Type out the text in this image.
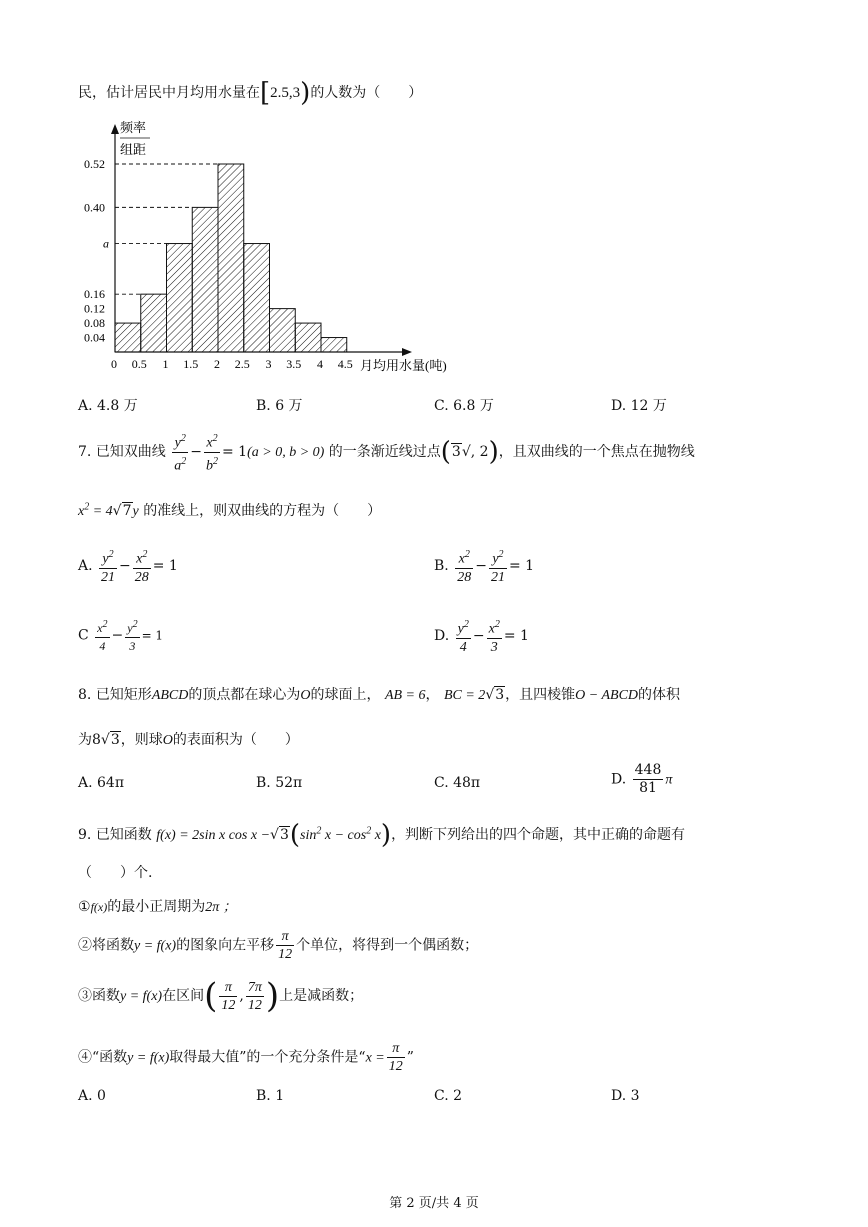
民，估计居民中月均用水量在[2.5,3)的人数为（　　）
频率
组距
0.04
0.08
0.12
0.16
a
0.40
0.52
0 0.5 1 1.5 2 2.5 3 3.5 4 4.5 月均用水量(吨)
A. 4.8 万	B. 6 万	C. 6.8 万	D. 12 万
7. 已知双曲线 $\frac{y^2}{a^2} - \frac{x^2}{b^2} = 1(a > 0$, b > 0) 的一条渐近线过点(3√, 2)，且双曲线的一个焦点在抛物线
$x^2 = 4√7y$ 的准线上，则双曲线的方程为（　　）
A. $\frac{y^2}{21} - \frac{x^2}{28} = 1$	B. $\frac{x^2}{28} - \frac{y^2}{21} = 1$
C $\frac{x^2}{4} - \frac{y^2}{3} = 1$	D. $\frac{y^2}{4} - \frac{x^2}{3} = 1$
8. 已知矩形ABCD的顶点都在球心为O的球面上， AB = 6， BC = 2√3，且四棱锥O − ABCD的体积
为8√3，则球O的表面积为（　　）
A. 64π	B. 52π	C. 48π	D. $\frac{448}{81}$ π
9. 已知函数 f(x) = 2sin x $\cos x -√3(\sin^2$ $x - \cos^2 x$)，判断下列给出的四个命题，其中正确的命题有
（　　）个.
①f(x)的最小正周期为2π ；
②将函数y = f(x)的图象向左平移 $\frac{\pi}{12}$ 个单位，将得到一个偶函数；
③函数y = f(x)在区间( $\frac{\pi}{12}$ , $\frac{7\pi}{12}$ )上是减函数；
④“函数y = f(x)取得最大值”的一个充分条件是“$x = \frac{\pi}{12}$ ”
A. 0	B. 1	C. 2	D. 3
第 2 页/共 4 页
